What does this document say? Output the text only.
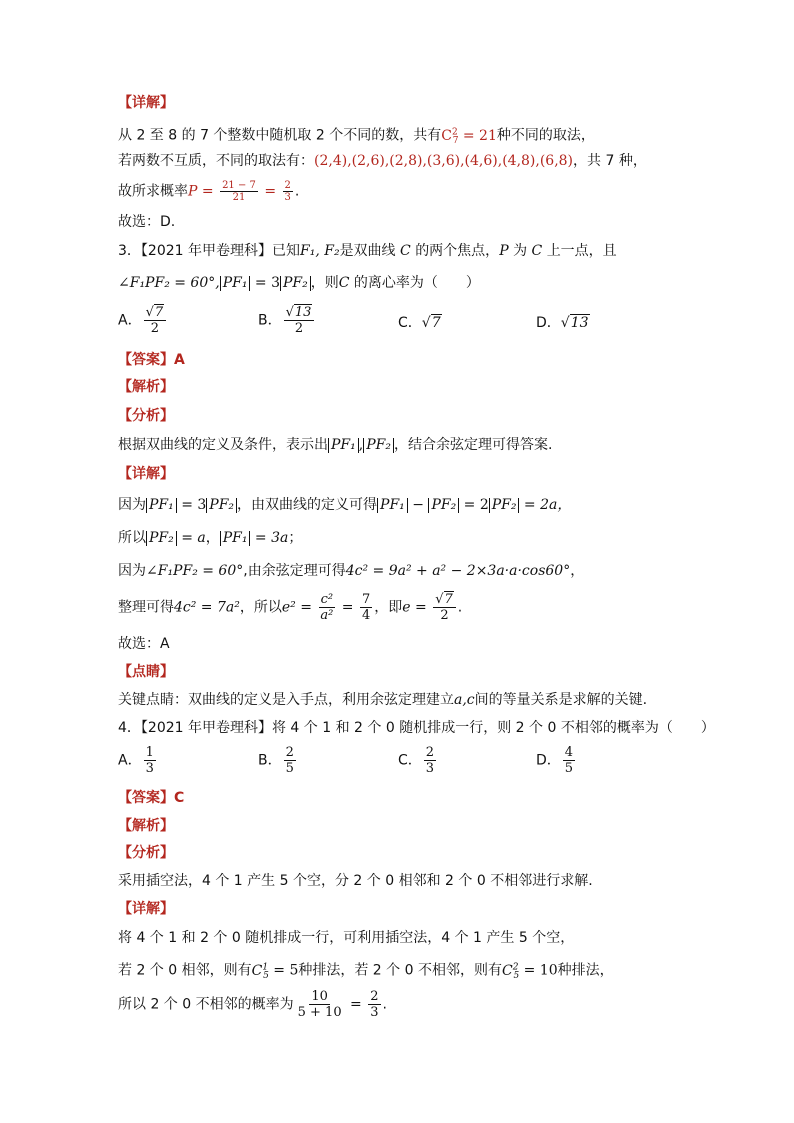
【详解】
从 2 至 8 的 7 个整数中随机取 2 个不同的数，共有$C^2_7 = 21$种不同的取法，
若两数不互质，不同的取法有：(2,4),(2,6),(2,8),(3,6),(4,6),(4,8),(6,8)，共 7 种，
故所求概率$P = \frac{21 - 7}{21} = \frac{2}{3}$ .
故选：D.
3．【2021 年甲卷理科】已知F₁, F₂是双曲线 C 的两个焦点，P 为 C 上一点，且
∠F₁PF₂ = 60°, PF₁ = 3 PF₂ ，则C 的离心率为（　　）
A． $\frac{√7}{2}$	B． $\frac{√13}{2}$	C．√7	D．√13
【答案】A
【解析】
【分析】
根据双曲线的定义及条件，表示出 PF₁ , PF₂ ，结合余弦定理可得答案.
【详解】
因为 PF₁ = 3 PF₂ ，由双曲线的定义可得 PF₁ − PF₂ = 2 PF₂ = 2a，
所以 PF₂ = a， PF₁ = 3a；
因为∠F₁PF₂ = 60°,由余弦定理可得4c² = 9a² + a² − 2×3a·a·cos60°，
整理可得4c² = 7a²，所以$e^2 = \frac{\text{c²}}{\text{a²}} = \frac{7}{4}$ ，即$e = \frac{√7}{2}$ .
故选：A
【点睛】
关键点睛：双曲线的定义是入手点，利用余弦定理建立a,c间的等量关系是求解的关键.
4．【2021 年甲卷理科】将 4 个 1 和 2 个 0 随机排成一行，则 2 个 0 不相邻的概率为（　　）
A． $\frac{1}{3}$	B． $\frac{2}{5}$	C． $\frac{2}{3}$	D． $\frac{4}{5}$
【答案】C
【解析】
【分析】
采用插空法，4 个 1 产生 5 个空，分 2 个 0 相邻和 2 个 0 不相邻进行求解.
【详解】
将 4 个 1 和 2 个 0 随机排成一行，可利用插空法，4 个 1 产生 5 个空，
若 2 个 0 相邻，则有$C^1_5 = 5$种排法，若 2 个 0 不相邻，则有$C^2_5 = 10$种排法，
所以 2 个 0 不相邻的概率为 $\frac{10}{5 + 10} = \frac{2}{3}$ .
